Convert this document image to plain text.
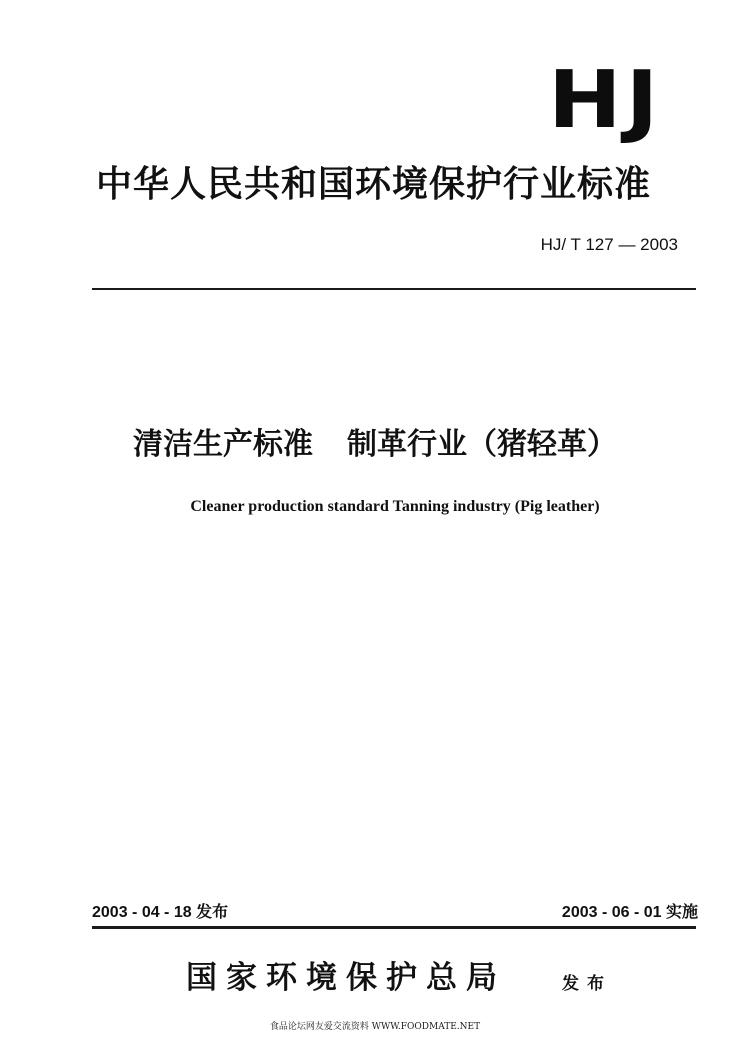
HJ
中华人民共和国环境保护行业标准
HJ/ T 127 — 2003
清洁生产标准 制革行业（猪轻革）
Cleaner production standard Tanning industry (Pig leather)
2003 - 04 - 18 发布	2003 - 06 - 01 实施
国家环境保护总局	发布
食品论坛网友爱交流资料 WWW.FOODMATE.NET
